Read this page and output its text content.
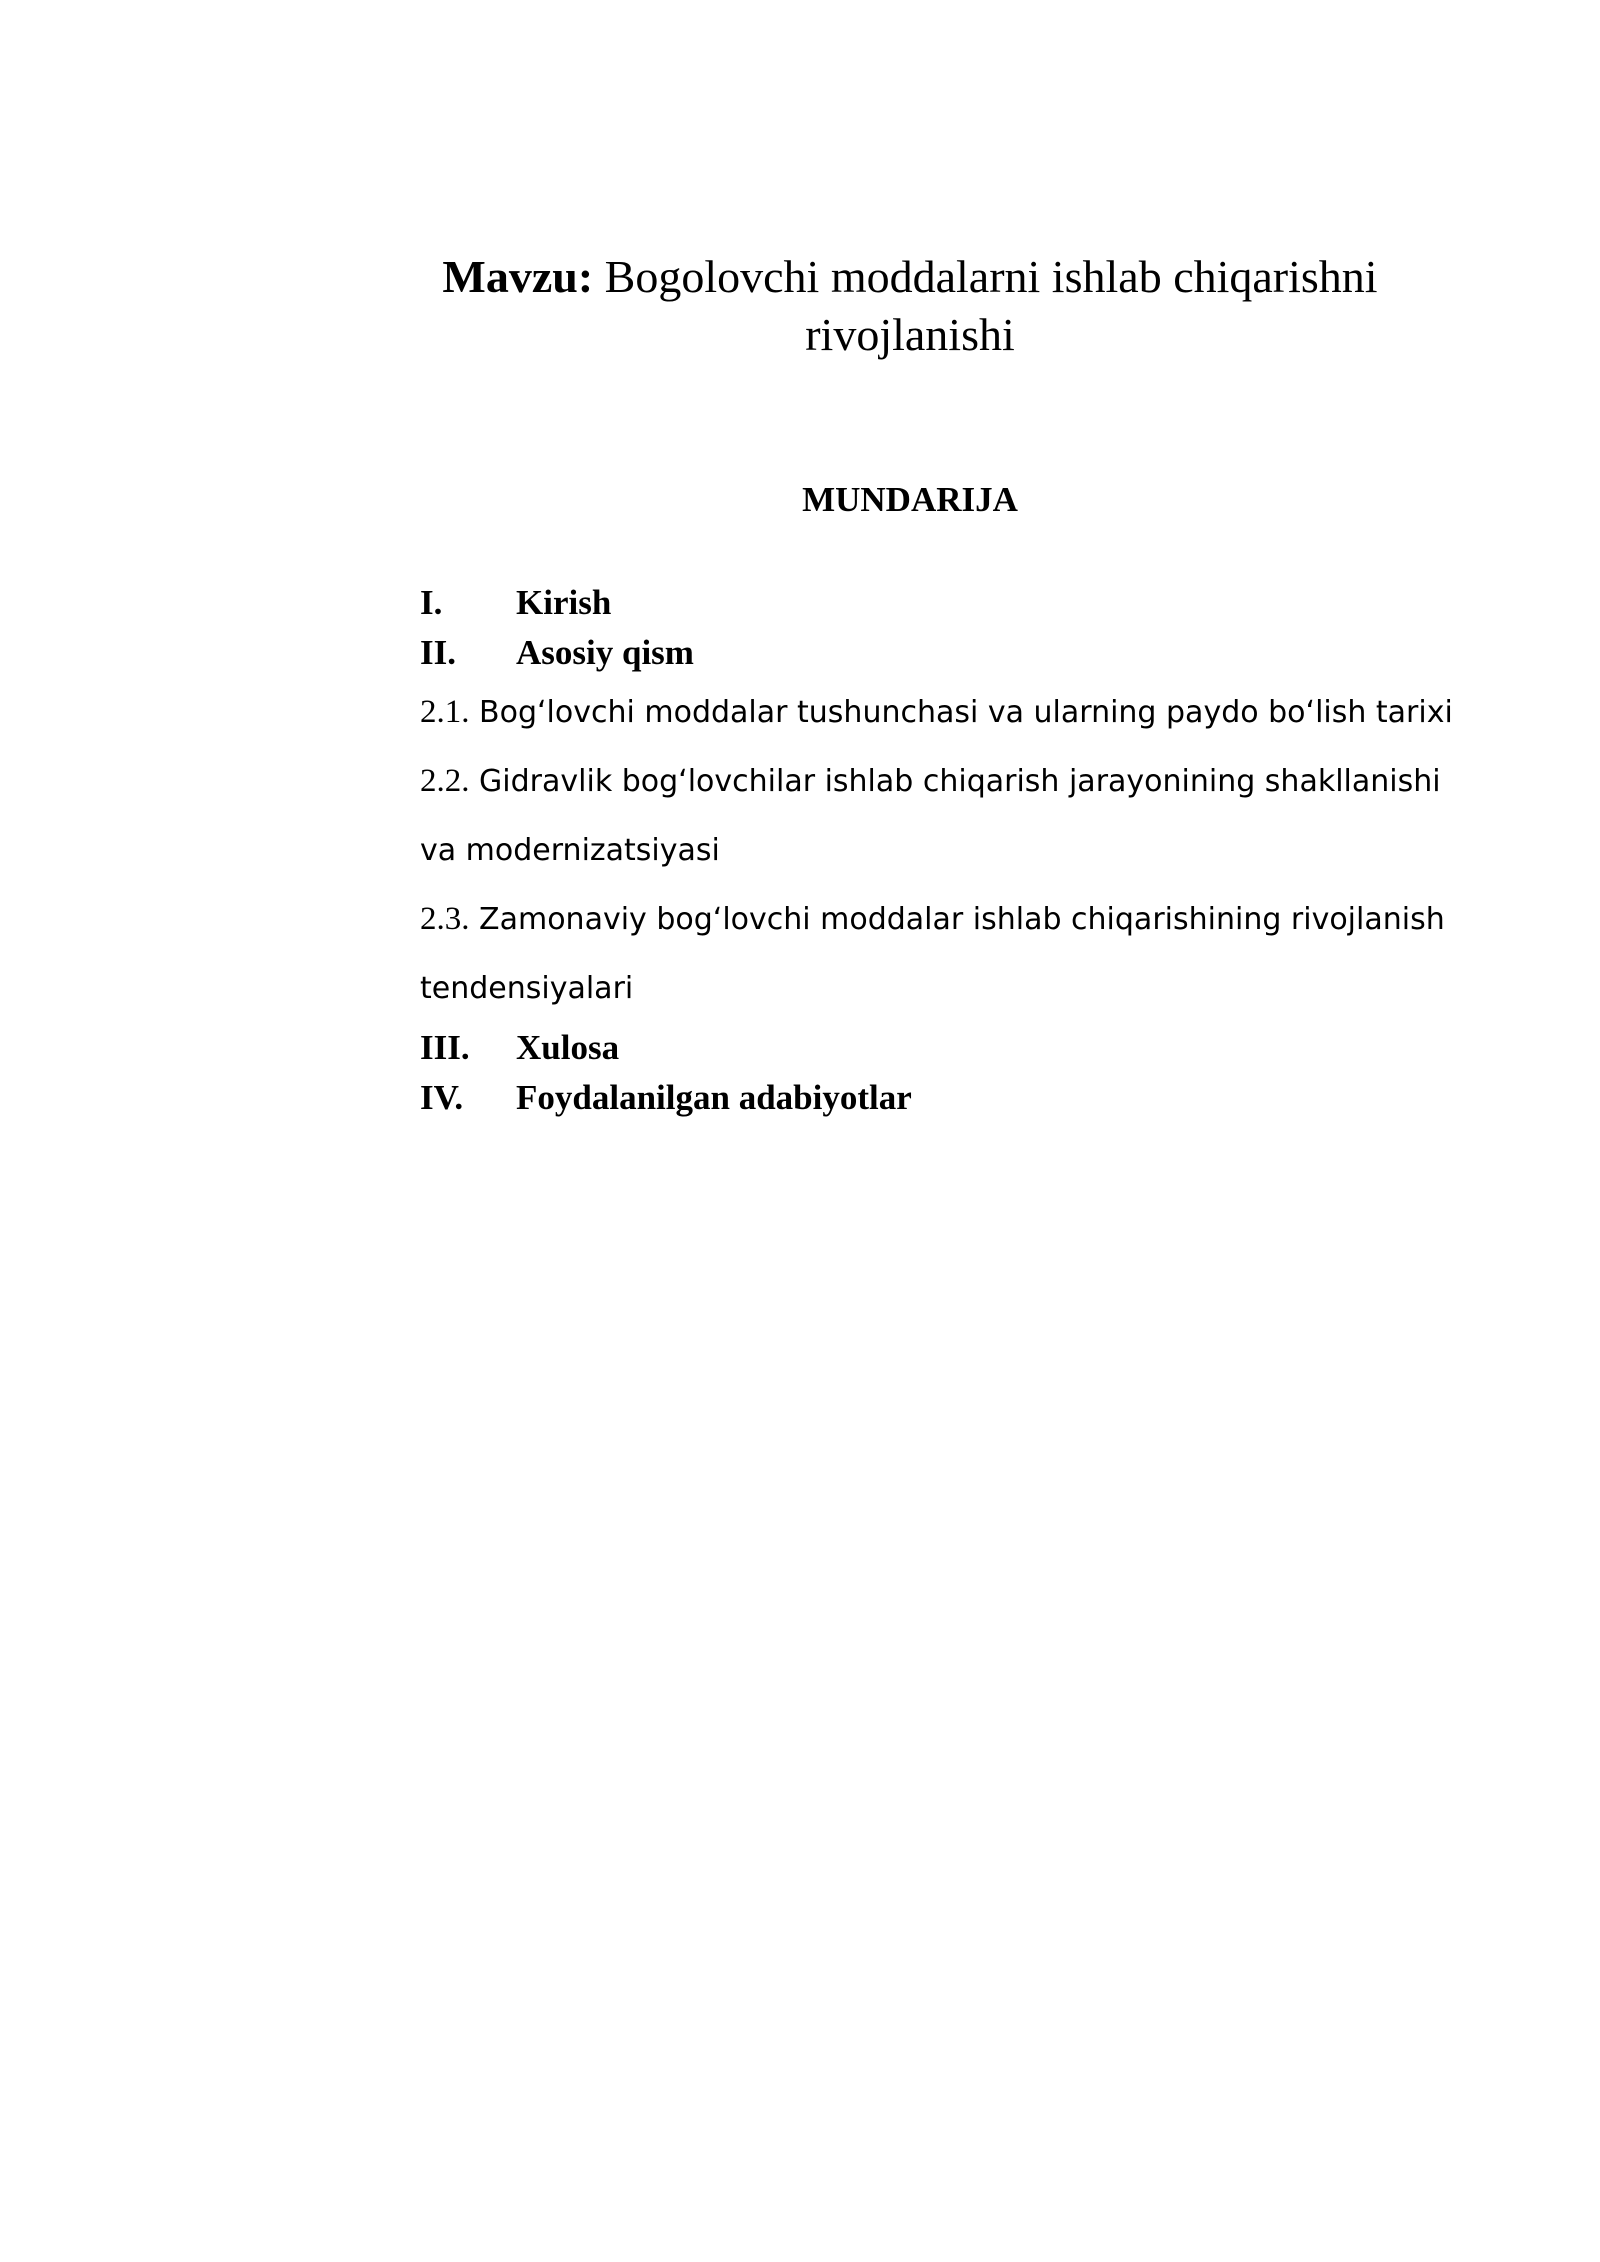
Mavzu: Bogolovchi moddalarni ishlab chiqarishni rivojlanishi
MUNDARIJA
I.	Kirish
II.	Asosiy qism
2.1. Bog‘lovchi moddalar tushunchasi va ularning paydo bo‘lish tarixi
2.2. Gidravlik bog‘lovchilar ishlab chiqarish jarayonining shakllanishi
va modernizatsiyasi
2.3. Zamonaviy bog‘lovchi moddalar ishlab chiqarishining rivojlanish
tendensiyalari
III.	Xulosa
IV.	Foydalanilgan adabiyotlar
